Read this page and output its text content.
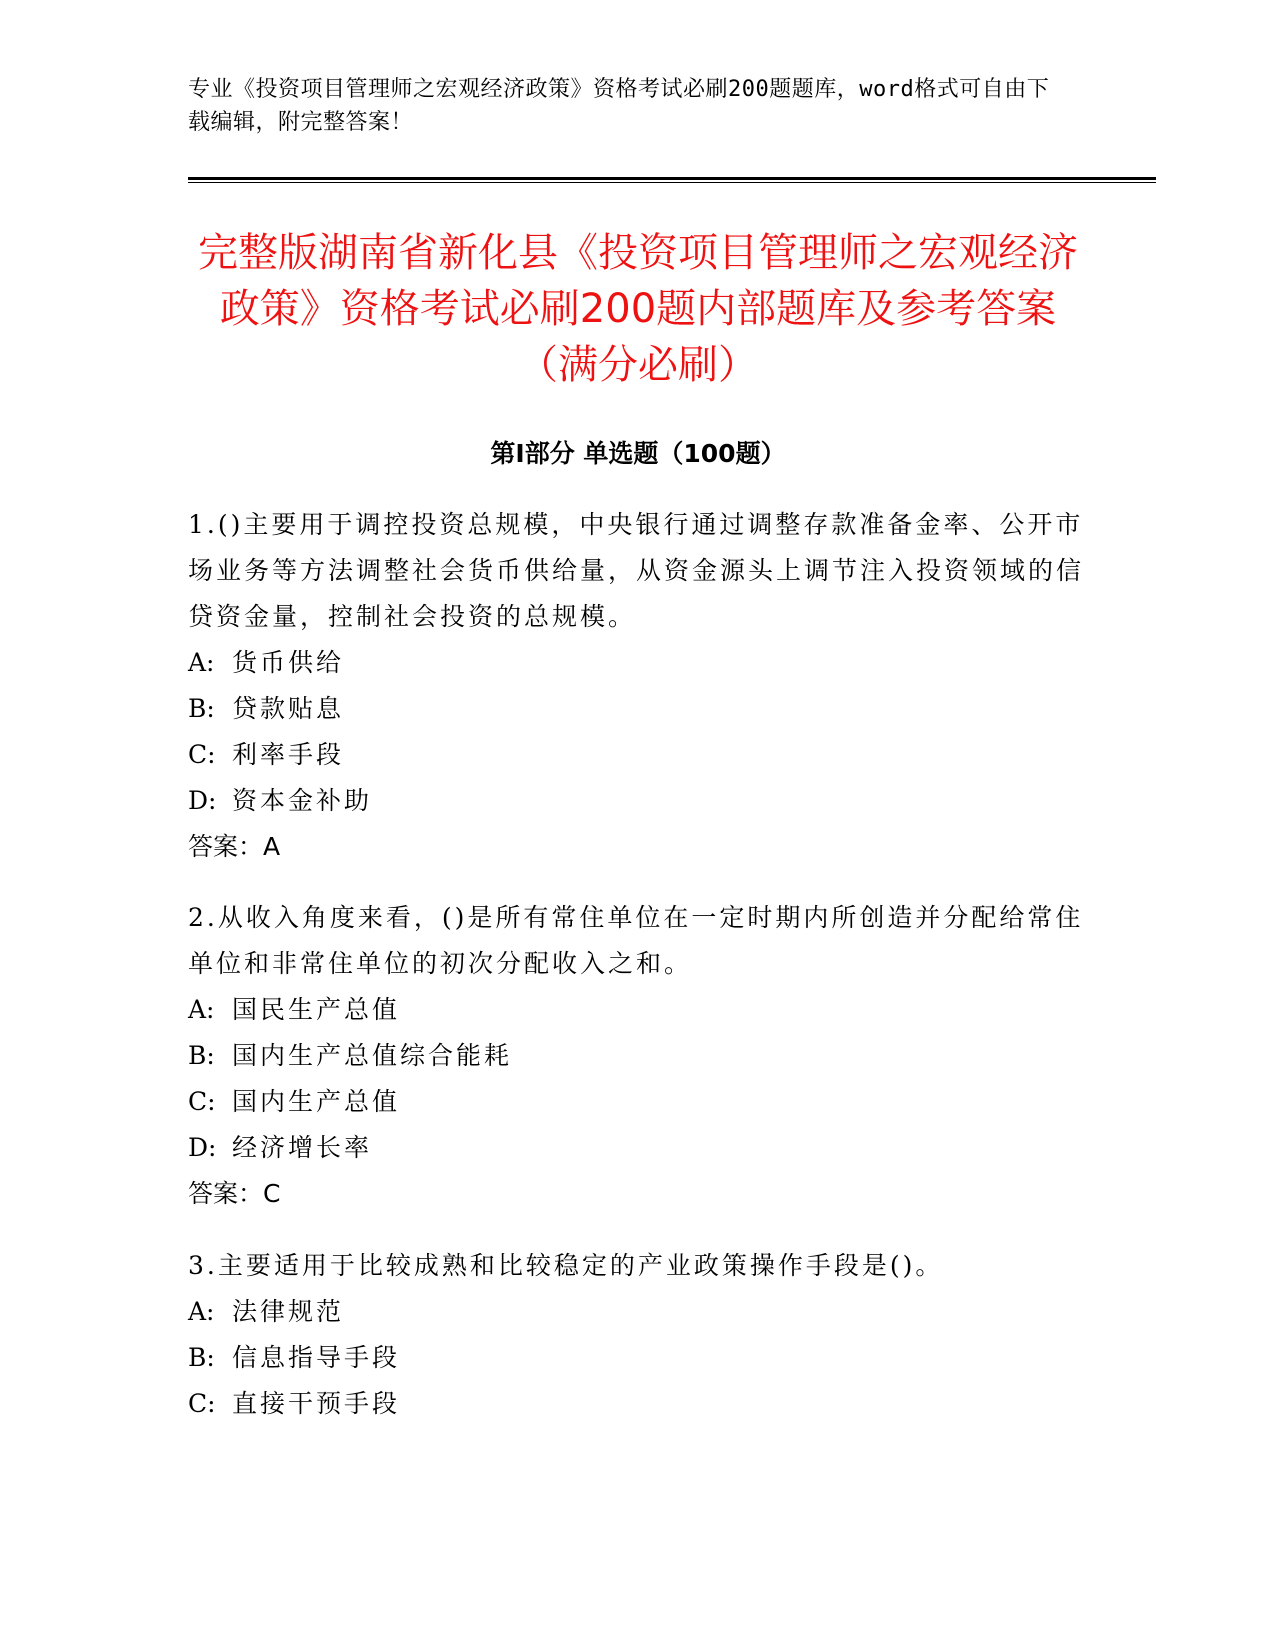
专业《投资项目管理师之宏观经济政策》资格考试必刷200题题库，word格式可自由下载编辑，附完整答案！

完整版湖南省新化县《投资项目管理师之宏观经济政策》资格考试必刷200题内部题库及参考答案（满分必刷）
第Ⅰ部分 单选题（100题）

1.()主要用于调控投资总规模，中央银行通过调整存款准备金率、公开市场业务等方法调整社会货币供给量，从资金源头上调节注入投资领域的信贷资金量，控制社会投资的总规模。

A: 货币供给

B: 贷款贴息

C: 利率手段

D: 资本金补助

答案：A

2.从收入角度来看，()是所有常住单位在一定时期内所创造并分配给常住单位和非常住单位的初次分配收入之和。

A: 国民生产总值

B: 国内生产总值综合能耗

C: 国内生产总值

D: 经济增长率

答案：C

3.主要适用于比较成熟和比较稳定的产业政策操作手段是()。

A: 法律规范

B: 信息指导手段

C: 直接干预手段
